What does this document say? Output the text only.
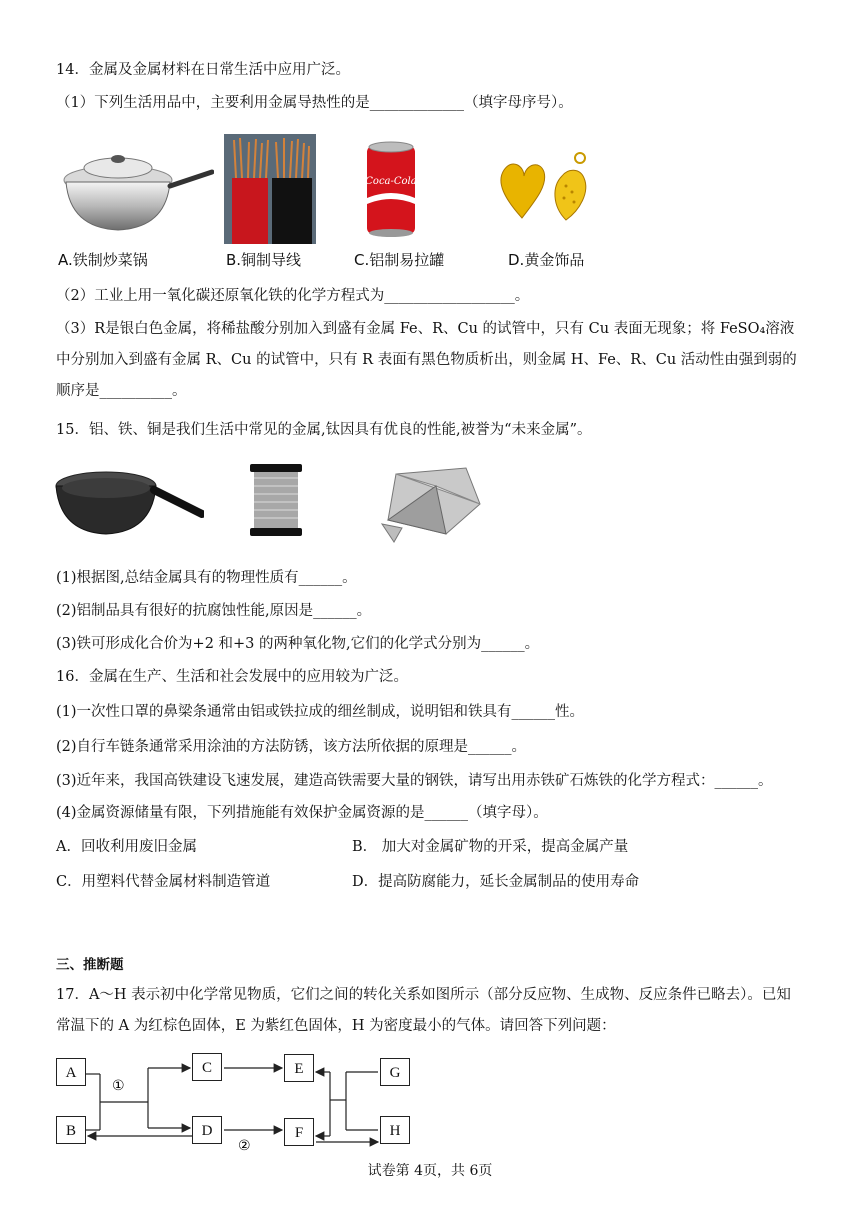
14．金属及金属材料在日常生活中应用广泛。
（1）下列生活用品中，主要利用金属导热性的是_____________（填字母序号）。
Coca-Cola
A.铁制炒菜锅	B.铜制导线	C.铝制易拉罐	D.黄金饰品
（2）工业上用一氧化碳还原氧化铁的化学方程式为__________________。
（3）R是银白色金属，将稀盐酸分别加入到盛有金属 Fe、R、Cu 的试管中，只有 Cu 表面无现象；将 FeSO₄溶液中分别加入到盛有金属 R、Cu 的试管中，只有 R 表面有黑色物质析出，则金属 H、Fe、R、Cu 活动性由强到弱的顺序是__________。
15．铝、铁、铜是我们生活中常见的金属,钛因具有优良的性能,被誉为“未来金属”。
(1)根据图,总结金属具有的物理性质有______。
(2)铝制品具有很好的抗腐蚀性能,原因是______。
(3)铁可形成化合价为+2 和+3 的两种氧化物,它们的化学式分别为______。
16．金属在生产、生活和社会发展中的应用较为广泛。
(1)一次性口罩的鼻梁条通常由铝或铁拉成的细丝制成，说明铝和铁具有______性。
(2)自行车链条通常采用涂油的方法防锈，该方法所依据的原理是______。
(3)近年来，我国高铁建设飞速发展，建造高铁需要大量的钢铁，请写出用赤铁矿石炼铁的化学方程式：______。
(4)金属资源储量有限，下列措施能有效保护金属资源的是______（填字母）。
A．回收利用废旧金属	B． 加大对金属矿物的开采，提高金属产量
C．用塑料代替金属材料制造管道	D．提高防腐能力，延长金属制品的使用寿命
三、推断题
17．A～H 表示初中化学常见物质，它们之间的转化关系如图所示（部分反应物、生成物、反应条件已略去）。已知常温下的 A 为红棕色固体，E 为紫红色固体，H 为密度最小的气体。请回答下列问题：
①
②
A
B
C
D
E
F
G
H
试卷第 4页，共 6页
